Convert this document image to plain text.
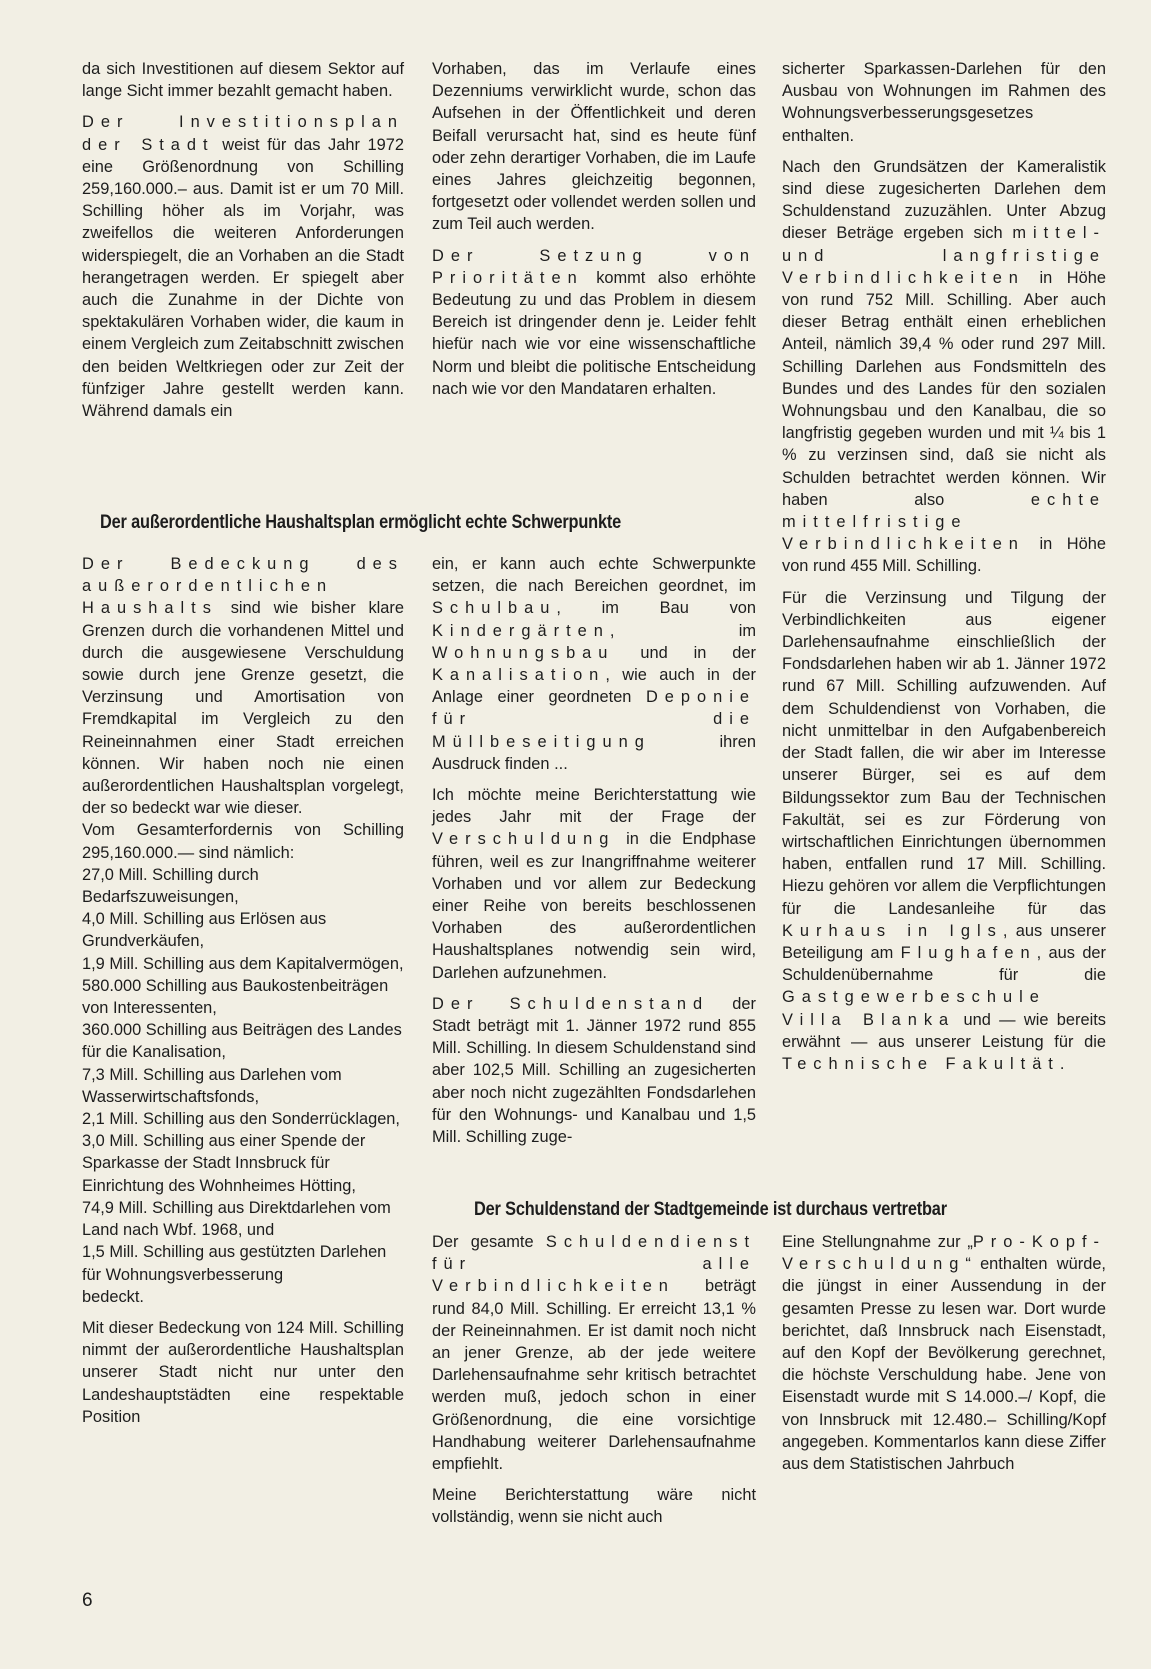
da sich Investitionen auf diesem Sektor auf lange Sicht immer bezahlt gemacht haben.

Der Investitionsplan der Stadt weist für das Jahr 1972 eine Größenordnung von Schilling 259,160.000.– aus. Damit ist er um 70 Mill. Schilling höher als im Vorjahr, was zweifellos die weiteren Anforderungen widerspiegelt, die an Vorhaben an die Stadt herangetragen werden. Er spiegelt aber auch die Zunahme in der Dichte von spektakulären Vorhaben wider, die kaum in einem Vergleich zum Zeitabschnitt zwischen den beiden Weltkriegen oder zur Zeit der fünfziger Jahre gestellt werden kann. Während damals ein

Vorhaben, das im Verlaufe eines Dezenniums verwirklicht wurde, schon das Aufsehen in der Öffentlichkeit und deren Beifall verursacht hat, sind es heute fünf oder zehn derartiger Vorhaben, die im Laufe eines Jahres gleichzeitig begonnen, fortgesetzt oder vollendet werden sollen und zum Teil auch werden.

Der Setzung von Prioritäten kommt also erhöhte Bedeutung zu und das Problem in diesem Bereich ist dringender denn je. Leider fehlt hiefür nach wie vor eine wissenschaftliche Norm und bleibt die politische Entscheidung nach wie vor den Mandataren erhalten.

sicherter Sparkassen-Darlehen für den Ausbau von Wohnungen im Rahmen des Wohnungsverbesserungsgesetzes enthalten.

Nach den Grundsätzen der Kameralistik sind diese zugesicherten Darlehen dem Schuldenstand zuzuzählen. Unter Abzug dieser Beträge ergeben sich mittel- und langfristige Verbindlichkeiten in Höhe von rund 752 Mill. Schilling. Aber auch dieser Betrag enthält einen erheblichen Anteil, nämlich 39,4 % oder rund 297 Mill. Schilling Darlehen aus Fondsmitteln des Bundes und des Landes für den sozialen Wohnungsbau und den Kanalbau, die so langfristig gegeben wurden und mit ¼ bis 1 % zu verzinsen sind, daß sie nicht als Schulden betrachtet werden können. Wir haben also echte mittelfristige Verbindlichkeiten in Höhe von rund 455 Mill. Schilling.

Für die Verzinsung und Tilgung der Verbindlichkeiten aus eigener Darlehensaufnahme einschließlich der Fondsdarlehen haben wir ab 1. Jänner 1972 rund 67 Mill. Schilling aufzuwenden. Auf dem Schuldendienst von Vorhaben, die nicht unmittelbar in den Aufgabenbereich der Stadt fallen, die wir aber im Interesse unserer Bürger, sei es auf dem Bildungssektor zum Bau der Technischen Fakultät, sei es zur Förderung von wirtschaftlichen Einrichtungen übernommen haben, entfallen rund 17 Mill. Schilling. Hiezu gehören vor allem die Verpflichtungen für die Landesanleihe für das Kurhaus in Igls, aus unserer Beteiligung am Flughafen, aus der Schuldenübernahme für die Gastgewerbeschule Villa Blanka und — wie bereits erwähnt — aus unserer Leistung für die Technische Fakultät.

Der außerordentliche Haushaltsplan ermöglicht echte Schwerpunkte

Der Bedeckung des außerordentlichen Haushalts sind wie bisher klare Grenzen durch die vorhandenen Mittel und durch die ausgewiesene Verschuldung sowie durch jene Grenze gesetzt, die Verzinsung und Amortisation von Fremdkapital im Vergleich zu den Reineinnahmen einer Stadt erreichen können. Wir haben noch nie einen außerordentlichen Haushaltsplan vorgelegt, der so bedeckt war wie dieser.

Vom Gesamterfordernis von Schilling 295,160.000.— sind nämlich:

27,0 Mill. Schilling durch Bedarfszuweisungen,
4,0 Mill. Schilling aus Erlösen aus Grundverkäufen,
1,9 Mill. Schilling aus dem Kapitalvermögen,
580.000 Schilling aus Baukostenbeiträgen von Interessenten,
360.000 Schilling aus Beiträgen des Landes für die Kanalisation,
7,3 Mill. Schilling aus Darlehen vom Wasserwirtschaftsfonds,
2,1 Mill. Schilling aus den Sonderrücklagen,
3,0 Mill. Schilling aus einer Spende der Sparkasse der Stadt Innsbruck für Einrichtung des Wohnheimes Hötting,
74,9 Mill. Schilling aus Direktdarlehen vom Land nach Wbf. 1968, und
1,5 Mill. Schilling aus gestützten Darlehen für Wohnungsverbesserung
bedeckt.

Mit dieser Bedeckung von 124 Mill. Schilling nimmt der außerordentliche Haushaltsplan unserer Stadt nicht nur unter den Landeshauptstädten eine respektable Position

ein, er kann auch echte Schwerpunkte setzen, die nach Bereichen geordnet, im Schulbau, im Bau von Kindergärten, im Wohnungsbau und in der Kanalisation, wie auch in der Anlage einer geordneten Deponie für die Müllbeseitigung ihren Ausdruck finden ...

Ich möchte meine Berichterstattung wie jedes Jahr mit der Frage der Verschuldung in die Endphase führen, weil es zur Inangriffnahme weiterer Vorhaben und vor allem zur Bedeckung einer Reihe von bereits beschlossenen Vorhaben des außerordentlichen Haushaltsplanes notwendig sein wird, Darlehen aufzunehmen.

Der Schuldenstand der Stadt beträgt mit 1. Jänner 1972 rund 855 Mill. Schilling. In diesem Schuldenstand sind aber 102,5 Mill. Schilling an zugesicherten aber noch nicht zugezählten Fondsdarlehen für den Wohnungs- und Kanalbau und 1,5 Mill. Schilling zuge-

Der Schuldenstand der Stadtgemeinde ist durchaus vertretbar

Der gesamte Schuldendienst für alle Verbindlichkeiten beträgt rund 84,0 Mill. Schilling. Er erreicht 13,1 % der Reineinnahmen. Er ist damit noch nicht an jener Grenze, ab der jede weitere Darlehensaufnahme sehr kritisch betrachtet werden muß, jedoch schon in einer Größenordnung, die eine vorsichtige Handhabung weiterer Darlehensaufnahme empfiehlt.

Meine Berichterstattung wäre nicht vollständig, wenn sie nicht auch

Eine Stellungnahme zur „Pro-Kopf-Verschuldung“ enthalten würde, die jüngst in einer Aussendung in der gesamten Presse zu lesen war. Dort wurde berichtet, daß Innsbruck nach Eisenstadt, auf den Kopf der Bevölkerung gerechnet, die höchste Verschuldung habe. Jene von Eisenstadt wurde mit S 14.000.–/ Kopf, die von Innsbruck mit 12.480.– Schilling/Kopf angegeben. Kommentarlos kann diese Ziffer aus dem Statistischen Jahrbuch

6
